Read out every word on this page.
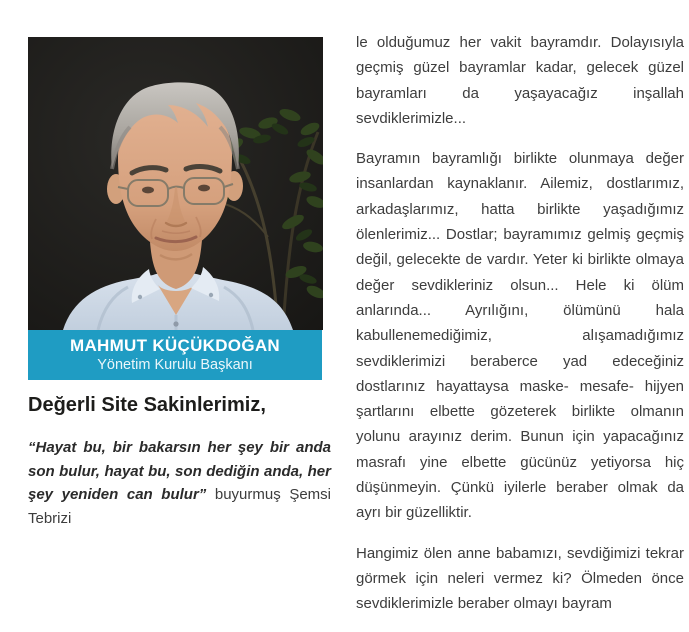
MAHMUT KÜÇÜKDOĞAN
Yönetim Kurulu Başkanı
Değerli Site Sakinlerimiz,

“Hayat bu, bir bakarsın her şey bir anda son bulur, hayat bu, son dediğin anda, her şey yeniden can bulur” buyurmuş Şemsi Tebrizi

le olduğumuz her vakit bayramdır. Dolayısıyla geçmiş güzel bayramlar kadar, gelecek güzel bayramları da yaşayacağız inşallah sevdiklerimizle...

Bayramın bayramlığı birlikte olunmaya değer insanlardan kaynaklanır. Ailemiz, dostlarımız, arkadaşlarımız, hatta birlikte yaşadığımız ölenlerimiz... Dostlar; bayramımız gelmiş geçmiş değil, gelecekte de vardır. Yeter ki birlikte olmaya değer sevdikleriniz olsun... Hele ki ölüm anlarında... Ayrılığını, ölümünü hala kabullenemediğimiz, alışamadığımız sevdiklerimizi beraberce yad edeceğiniz dostlarınız hayattaysa maske- mesafe- hijyen şartlarını elbette gözeterek birlikte olmanın yolunu arayınız derim. Bunun için yapacağınız masrafı yine elbette gücünüz yetiyorsa hiç düşünmeyin. Çünkü iyilerle beraber olmak da ayrı bir güzelliktir.

Hangimiz ölen anne babamızı, sevdiğimizi tekrar görmek için neleri vermez ki? Ölmeden önce sevdiklerimizle beraber olmayı bayram
